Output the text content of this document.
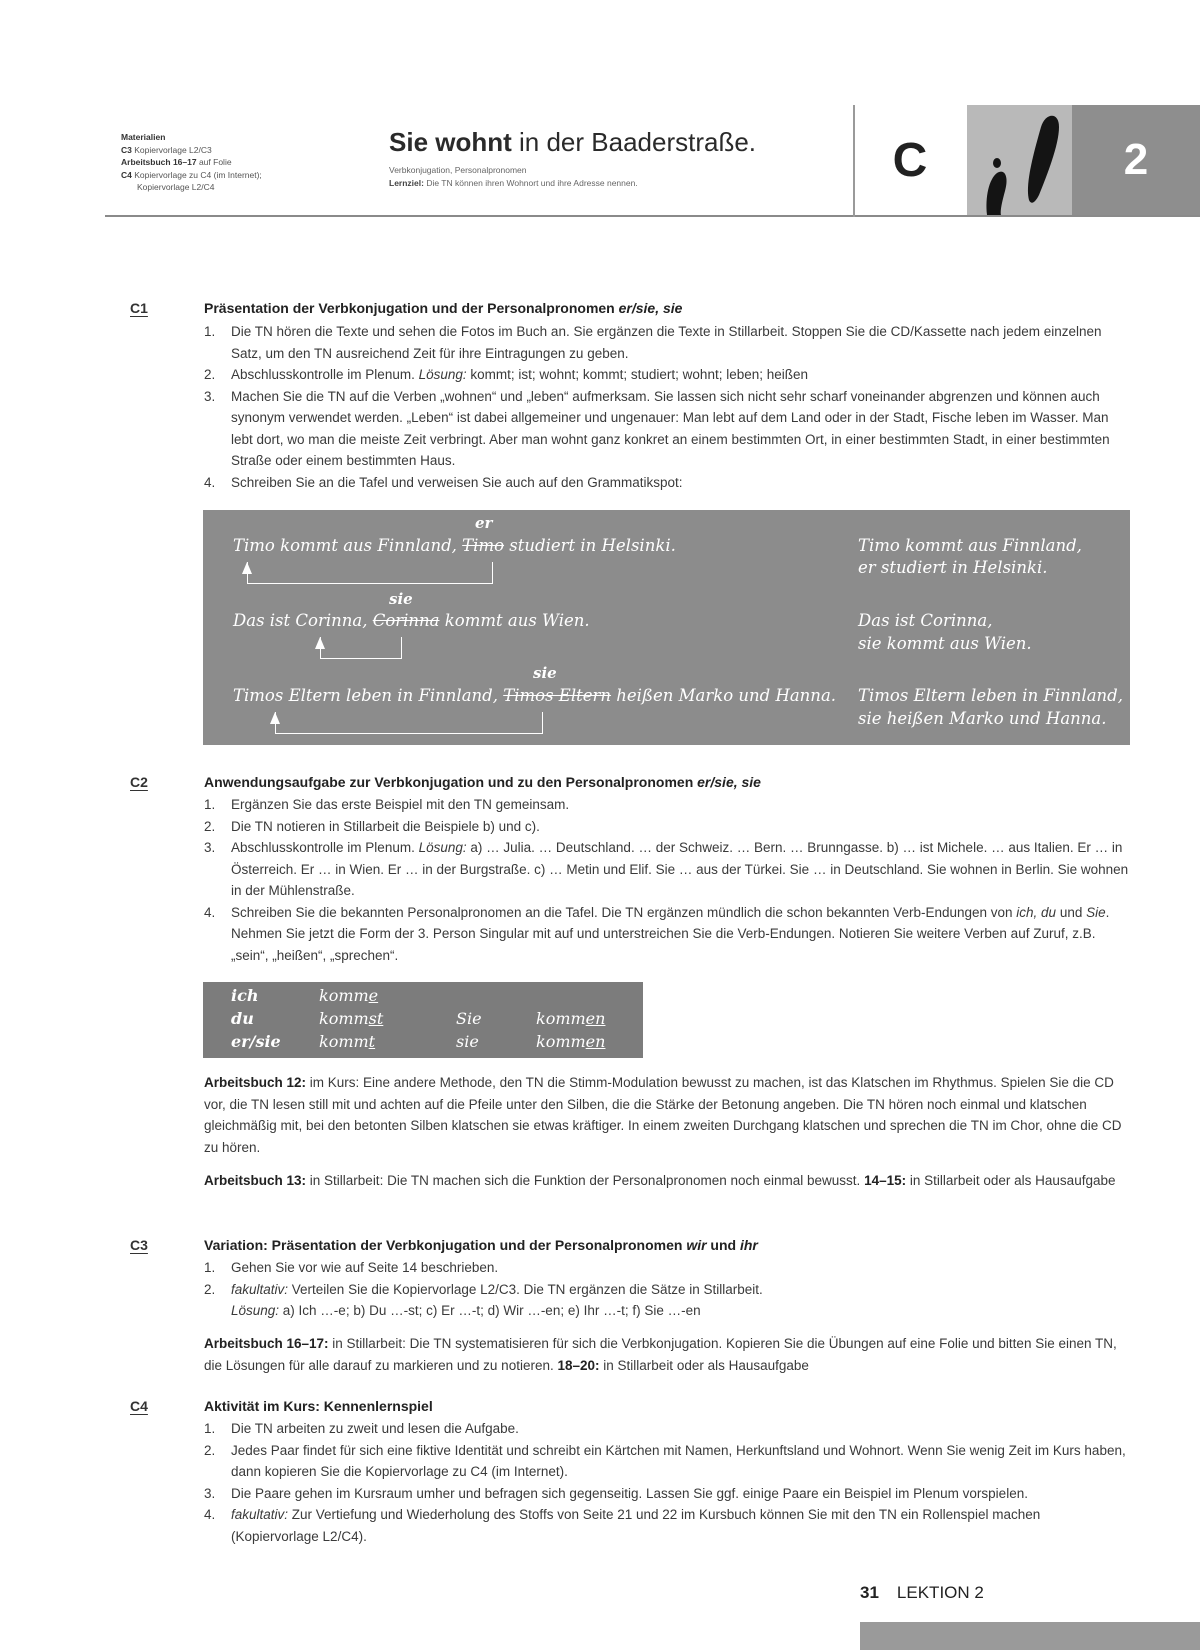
Materialien
C3 Kopiervorlage L2/C3
Arbeitsbuch 16–17 auf Folie
C4 Kopiervorlage zu C4 (im Internet);
Kopiervorlage L2/C4
Sie wohnt in der Baaderstraße.
Verbkonjugation, Personalpronomen
Lernziel: Die TN können ihren Wohnort und ihre Adresse nennen.	C	2
C1	Präsentation der Verbkonjugation und der Personalpronomen er/sie, sie
1. Die TN hören die Texte und sehen die Fotos im Buch an. Sie ergänzen die Texte in Stillarbeit. Stoppen Sie die CD/Kassette nach jedem einzelnen Satz, um den TN ausreichend Zeit für ihre Eintragungen zu geben.
2. Abschlusskontrolle im Plenum. Lösung: kommt; ist; wohnt; kommt; studiert; wohnt; leben; heißen
3. Machen Sie die TN auf die Verben „wohnen“ und „leben“ aufmerksam. Sie lassen sich nicht sehr scharf voneinander abgrenzen und können auch synonym verwendet werden. „Leben“ ist dabei allgemeiner und ungenauer: Man lebt auf dem Land oder in der Stadt, Fische leben im Wasser. Man lebt dort, wo man die meiste Zeit verbringt. Aber man wohnt ganz konkret an einem bestimmten Ort, in einer bestimmten Stadt, in einer bestimmten Straße oder einem bestimmten Haus.
4. Schreiben Sie an die Tafel und verweisen Sie auch auf den Grammatikspot:
er
Timo kommt aus Finnland, Timo studiert in Helsinki.	Timo kommt aus Finnland,
er studiert in Helsinki.
sie
Das ist Corinna, Corinna kommt aus Wien.	Das ist Corinna,
sie kommt aus Wien.
sie
Timos Eltern leben in Finnland, Timos Eltern heißen Marko und Hanna. Timos Eltern leben in Finnland,
sie heißen Marko und Hanna.
C2	Anwendungsaufgabe zur Verbkonjugation und zu den Personalpronomen er/sie, sie
1. Ergänzen Sie das erste Beispiel mit den TN gemeinsam.
2. Die TN notieren in Stillarbeit die Beispiele b) und c).
3. Abschlusskontrolle im Plenum. Lösung: a) … Julia. … Deutschland. … der Schweiz. … Bern. … Brunngasse. b) … ist Michele. … aus Italien. Er … in Österreich. Er … in Wien. Er … in der Burgstraße. c) … Metin und Elif. Sie … aus der Türkei. Sie … in Deutschland. Sie wohnen in Berlin. Sie wohnen in der Mühlenstraße.
4. Schreiben Sie die bekannten Personalpronomen an die Tafel. Die TN ergänzen mündlich die schon bekannten Verb-Endungen von ich, du und Sie. Nehmen Sie jetzt die Form der 3. Person Singular mit auf und unterstreichen Sie die Verb-Endungen. Notieren Sie weitere Verben auf Zuruf, z.B. „sein“, „heißen“, „sprechen“.
ich	komme
du	kommst	Sie	kommen
er/sie kommt	sie	kommen
Arbeitsbuch 12: im Kurs: Eine andere Methode, den TN die Stimm-Modulation bewusst zu machen, ist das Klatschen im Rhythmus. Spielen Sie die CD vor, die TN lesen still mit und achten auf die Pfeile unter den Silben, die die Stärke der Betonung angeben. Die TN hören noch einmal und klatschen gleichmäßig mit, bei den betonten Silben klatschen sie etwas kräftiger. In einem zweiten Durchgang klatschen und sprechen die TN im Chor, ohne die CD zu hören.
Arbeitsbuch 13: in Stillarbeit: Die TN machen sich die Funktion der Personalpronomen noch einmal bewusst. 14–15: in Stillarbeit oder als Hausaufgabe
C3	Variation: Präsentation der Verbkonjugation und der Personalpronomen wir und ihr
1. Gehen Sie vor wie auf Seite 14 beschrieben.
2. fakultativ: Verteilen Sie die Kopiervorlage L2/C3. Die TN ergänzen die Sätze in Stillarbeit.
Lösung: a) Ich …-e; b) Du …-st; c) Er …-t; d) Wir …-en; e) Ihr …-t; f) Sie …-en
Arbeitsbuch 16–17: in Stillarbeit: Die TN systematisieren für sich die Verbkonjugation. Kopieren Sie die Übungen auf eine Folie und bitten Sie einen TN, die Lösungen für alle darauf zu markieren und zu notieren. 18–20: in Stillarbeit oder als Hausaufgabe
C4	Aktivität im Kurs: Kennenlernspiel
1. Die TN arbeiten zu zweit und lesen die Aufgabe.
2. Jedes Paar findet für sich eine fiktive Identität und schreibt ein Kärtchen mit Namen, Herkunftsland und Wohnort. Wenn Sie wenig Zeit im Kurs haben, dann kopieren Sie die Kopiervorlage zu C4 (im Internet).
3. Die Paare gehen im Kursraum umher und befragen sich gegenseitig. Lassen Sie ggf. einige Paare ein Beispiel im Plenum vorspielen.
4. fakultativ: Zur Vertiefung und Wiederholung des Stoffs von Seite 21 und 22 im Kursbuch können Sie mit den TN ein Rollenspiel machen (Kopiervorlage L2/C4).
31 LEKTION 2
